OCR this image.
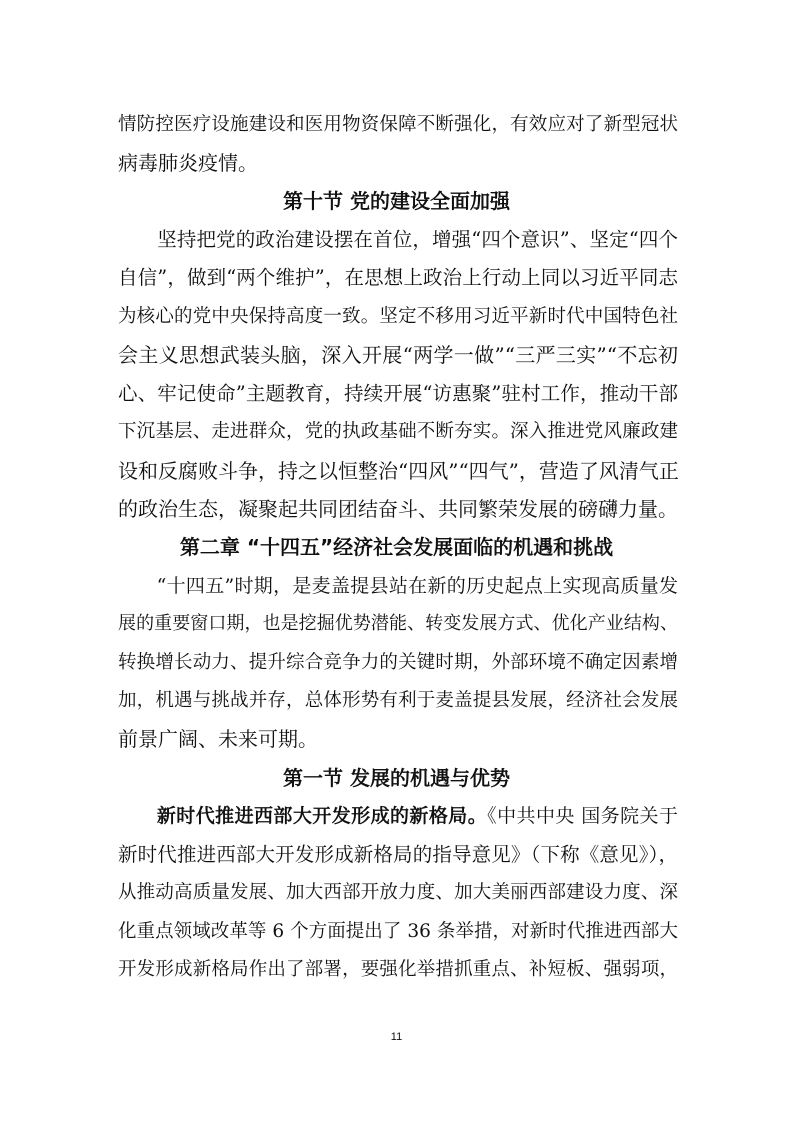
情防控医疗设施建设和医用物资保障不断强化，有效应对了新型冠状
病毒肺炎疫情。
第十节 党的建设全面加强
　　坚持把党的政治建设摆在首位，增强“四个意识”、坚定“四个
自信”，做到“两个维护”，在思想上政治上行动上同以习近平同志
为核心的党中央保持高度一致。坚定不移用习近平新时代中国特色社
会主义思想武装头脑，深入开展“两学一做”“三严三实”“不忘初
心、牢记使命”主题教育，持续开展“访惠聚”驻村工作，推动干部
下沉基层、走进群众，党的执政基础不断夯实。深入推进党风廉政建
设和反腐败斗争，持之以恒整治“四风”“四气”，营造了风清气正
的政治生态，凝聚起共同团结奋斗、共同繁荣发展的磅礴力量。
第二章 “十四五”经济社会发展面临的机遇和挑战
　　“十四五”时期，是麦盖提县站在新的历史起点上实现高质量发
展的重要窗口期，也是挖掘优势潜能、转变发展方式、优化产业结构、
转换增长动力、提升综合竞争力的关键时期，外部环境不确定因素增
加，机遇与挑战并存，总体形势有利于麦盖提县发展，经济社会发展
前景广阔、未来可期。
第一节 发展的机遇与优势
　　新时代推进西部大开发形成的新格局。《中共中央 国务院关于
新时代推进西部大开发形成新格局的指导意见》（下称《意见》），
从推动高质量发展、加大西部开放力度、加大美丽西部建设力度、深
化重点领域改革等 6 个方面提出了 36 条举措，对新时代推进西部大
开发形成新格局作出了部署，要强化举措抓重点、补短板、强弱项，
11
